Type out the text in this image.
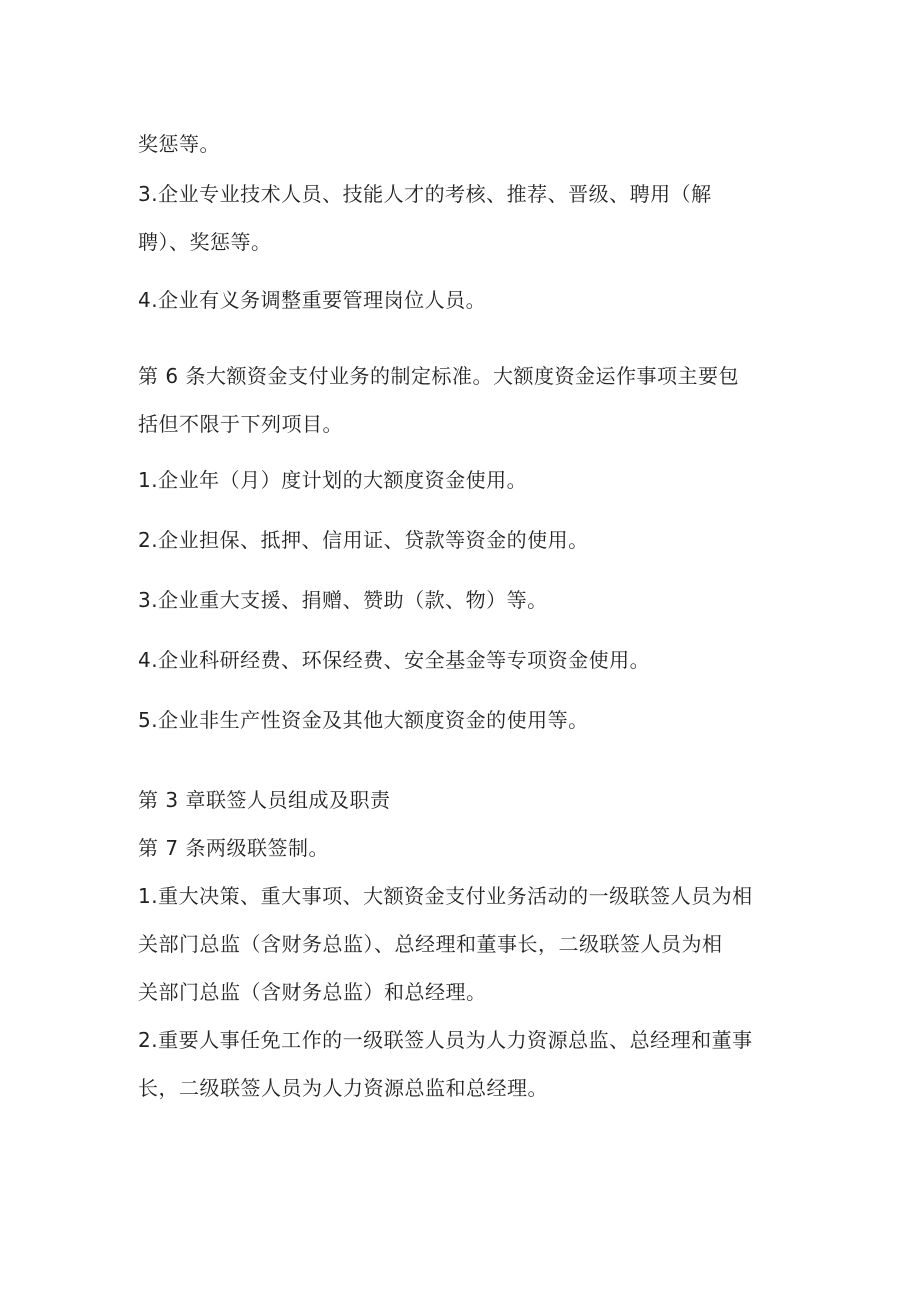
奖惩等。
3.企业专业技术人员、技能人才的考核、推荐、晋级、聘用（解
聘）、奖惩等。
4.企业有义务调整重要管理岗位人员。
第 6 条大额资金支付业务的制定标准。大额度资金运作事项主要包
括但不限于下列项目。
1.企业年（月）度计划的大额度资金使用。
2.企业担保、抵押、信用证、贷款等资金的使用。
3.企业重大支援、捐赠、赞助（款、物）等。
4.企业科研经费、环保经费、安全基金等专项资金使用。
5.企业非生产性资金及其他大额度资金的使用等。
第 3 章联签人员组成及职责
第 7 条两级联签制。
1.重大决策、重大事项、大额资金支付业务活动的一级联签人员为相
关部门总监（含财务总监）、总经理和董事长，二级联签人员为相
关部门总监（含财务总监）和总经理。
2.重要人事任免工作的一级联签人员为人力资源总监、总经理和董事
长，二级联签人员为人力资源总监和总经理。
